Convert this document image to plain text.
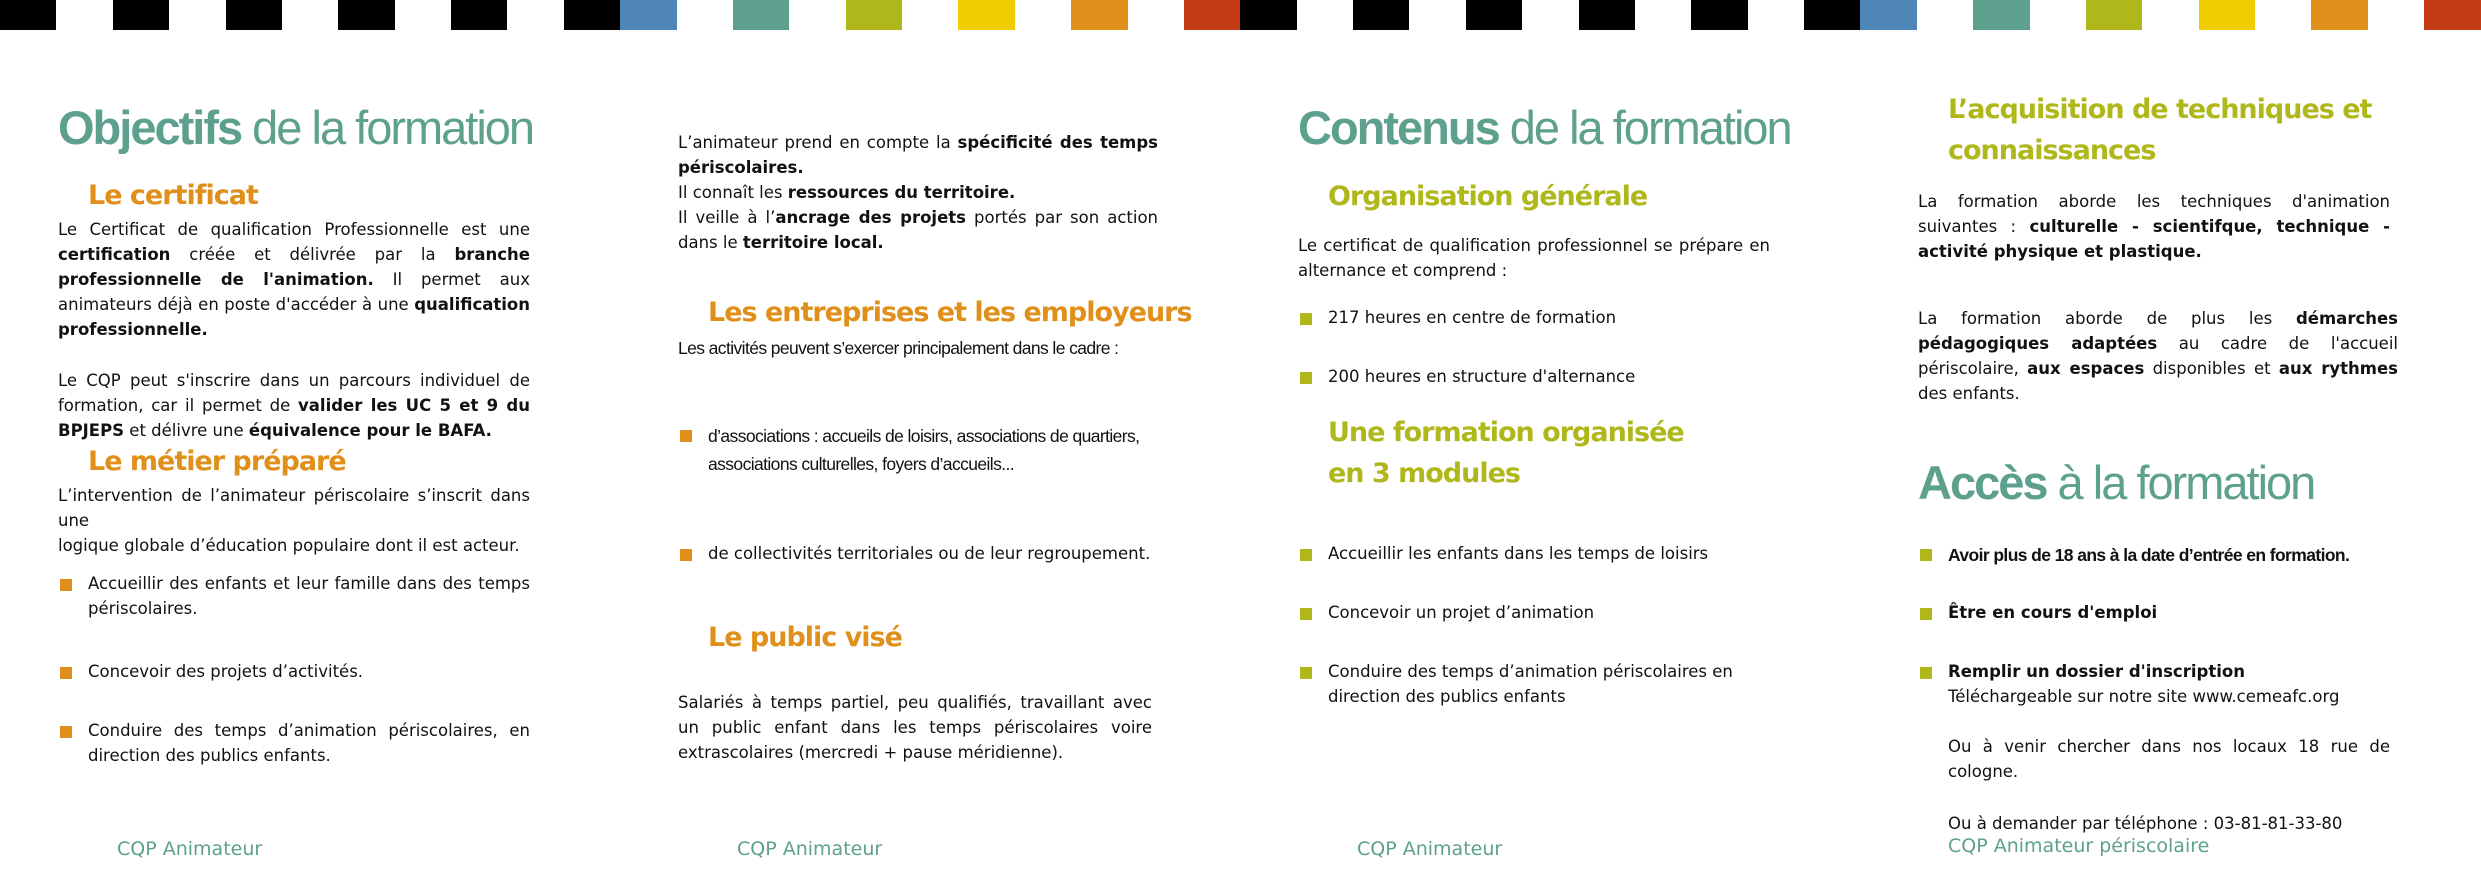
Objectifs de la formation
Le certificat
Le Certificat de qualification Professionnelle est une certification créée et délivrée par la branche professionnelle de l'animation. Il permet aux animateurs déjà en poste d'accéder à une qualification professionnelle.
Le CQP peut s'inscrire dans un parcours individuel de formation, car il permet de valider les UC 5 et 9 du BPJEPS et délivre une équivalence pour le BAFA.
Le métier préparé
L’intervention de l’animateur périscolaire s’inscrit dans une
logique globale d’éducation populaire dont il est acteur.
Accueillir des enfants et leur famille dans des temps périscolaires.
Concevoir des projets d’activités.
Conduire des temps d’animation périscolaires, en direction des publics enfants.
CQP Animateur
L’animateur prend en compte la spécificité des temps périscolaires.
Il connaît les ressources du territoire.
Il veille à l’ancrage des projets portés par son action dans le territoire local.
Les entreprises et les employeurs
Les activités peuvent s’exercer principalement dans le cadre :
d’associations : accueils de loisirs, associations de quartiers, associations culturelles, foyers d’accueils...
de collectivités territoriales ou de leur regroupement.
Le public visé
Salariés à temps partiel, peu qualifiés, travaillant avec un public enfant dans les temps périscolaires voire extrascolaires (mercredi + pause méridienne).
CQP Animateur
Contenus de la formation
Organisation générale
Le certificat de qualification professionnel se prépare en alternance et comprend :
217 heures en centre de formation
200 heures en structure d'alternance
Une formation organisée
en 3 modules
Accueillir les enfants dans les temps de loisirs
Concevoir un projet d’animation
Conduire des temps d’animation périscolaires en direction des publics enfants
CQP Animateur
L’acquisition de techniques et
connaissances
La formation aborde les techniques d'animation suivantes : culturelle - scientifque, technique - activité physique et plastique.
La formation aborde de plus les démarches pédagogiques adaptées au cadre de l'accueil périscolaire, aux espaces disponibles et aux rythmes des enfants.
Accès à la formation
Avoir plus de 18 ans à la date d’entrée en formation.
Être en cours d'emploi
Remplir un dossier d'inscription
Téléchargeable sur notre site www.cemeafc.org
Ou à venir chercher dans nos locaux 18 rue de cologne.
Ou à demander par téléphone : 03-81-81-33-80
CQP Animateur périscolaire
